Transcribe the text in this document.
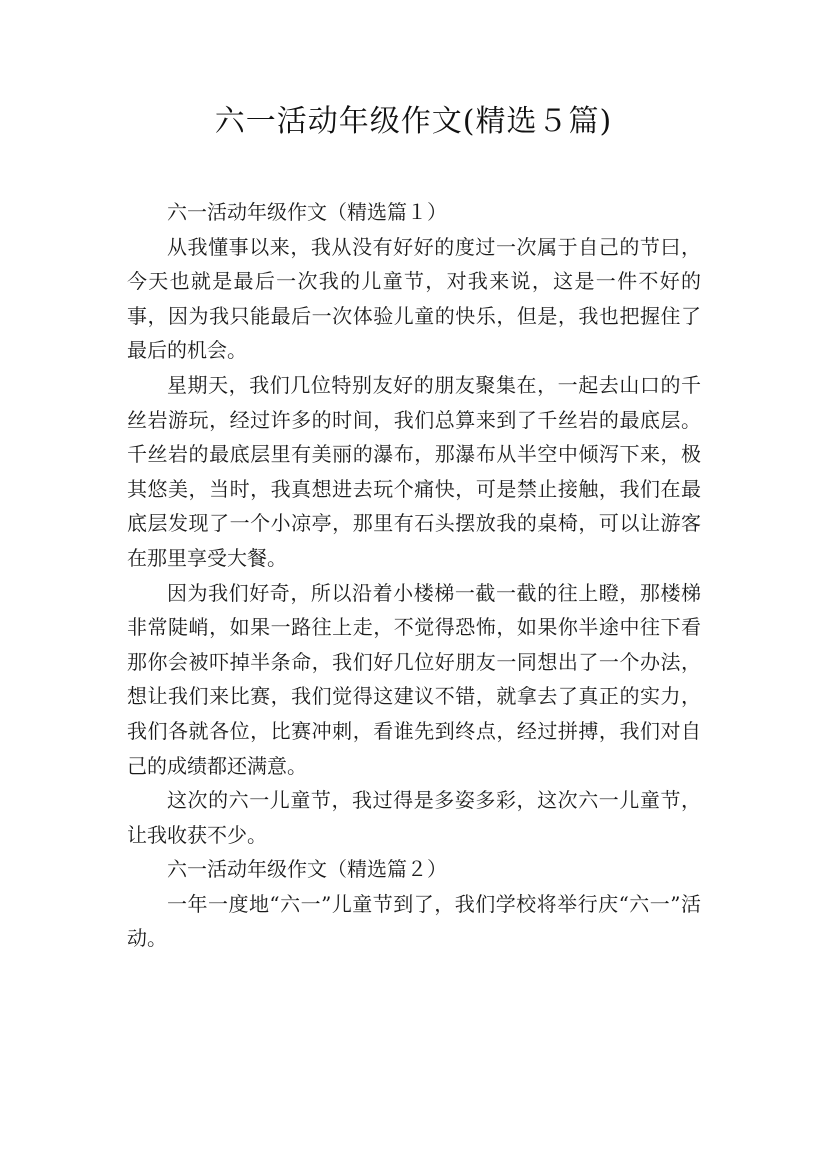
六一活动年级作文(精选５篇)

六一活动年级作文（精选篇１）

从我懂事以来，我从没有好好的度过一次属于自己的节曰，今天也就是最后一次我的儿童节，对我来说，这是一件不好的事，因为我只能最后一次体验儿童的快乐，但是，我也把握住了最后的机会。

星期天，我们几位特别友好的朋友聚集在，一起去山口的千丝岩游玩，经过许多的时间，我们总算来到了千丝岩的最底层。千丝岩的最底层里有美丽的瀑布，那瀑布从半空中倾泻下来，极其悠美，当时，我真想进去玩个痛快，可是禁止接触，我们在最底层发现了一个小凉亭，那里有石头摆放我的桌椅，可以让游客在那里享受大餐。

因为我们好奇，所以沿着小楼梯一截一截的往上瞪，那楼梯非常陡峭，如果一路往上走，不觉得恐怖，如果你半途中往下看那你会被吓掉半条命，我们好几位好朋友一同想出了一个办法，想让我们来比赛，我们觉得这建议不错，就拿去了真正的实力，我们各就各位，比赛冲刺，看谁先到终点，经过拼搏，我们对自己的成绩都还满意。

这次的六一儿童节，我过得是多姿多彩，这次六一儿童节，让我收获不少。

六一活动年级作文（精选篇２）

一年一度地“六一”儿童节到了，我们学校将举行庆“六一”活动。
